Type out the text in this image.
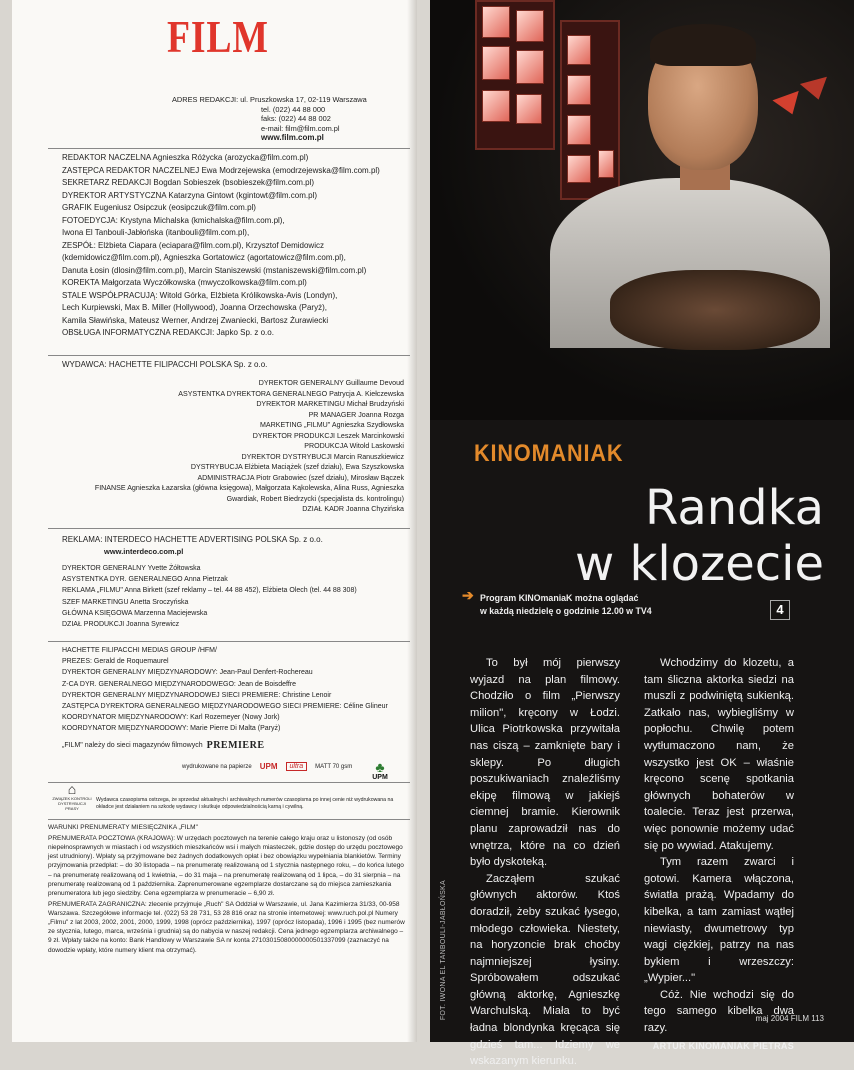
FILM
ADRES REDAKCJI: ul. Pruszkowska 17, 02-119 Warszawa
tel. (022) 44 88 000
faks: (022) 44 88 002
e-mail: film@film.com.pl
www.film.com.pl
REDAKTOR NACZELNA Agnieszka Różycka (arozycka@film.com.pl)
ZASTĘPCA REDAKTOR NACZELNEJ Ewa Modrzejewska (emodrzejewska@film.com.pl)
SEKRETARZ REDAKCJI Bogdan Sobieszek (bsobieszek@film.com.pl)
DYREKTOR ARTYSTYCZNA Katarzyna Gintowt (kgintowt@film.com.pl)
GRAFIK Eugeniusz Osipczuk (eosipczuk@film.com.pl)
FOTOEDYCJA: Krystyna Michalska (kmichalska@film.com.pl),
Iwona El Tanbouli-Jabłońska (itanbouli@film.com.pl),
ZESPÓŁ: Elżbieta Ciapara (eciapara@film.com.pl), Krzysztof Demidowicz
(kdemidowicz@film.com.pl), Agnieszka Gortatowicz (agortatowicz@film.com.pl),
Danuta Łosin (dlosin@film.com.pl), Marcin Staniszewski (mstaniszewski@film.com.pl)
KOREKTA Małgorzata Wyczółkowska (mwyczolkowska@film.com.pl)
STALE WSPÓŁPRACUJĄ: Witold Górka, Elżbieta Królikowska-Avis (Londyn),
Lech Kurpiewski, Max B. Miller (Hollywood), Joanna Orzechowska (Paryż),
Kamila Sławińska, Mateusz Werner, Andrzej Zwaniecki, Bartosz Żurawiecki
OBSŁUGA INFORMATYCZNA REDAKCJI: Japko Sp. z o.o.
WYDAWCA: HACHETTE FILIPACCHI POLSKA Sp. z o.o.
DYREKTOR GENERALNY Guillaume Devoud
ASYSTENTKA DYREKTORA GENERALNEGO Patrycja A. Kiełczewska
DYREKTOR MARKETINGU Michał Brudzyński
PR MANAGER Joanna Rozga
MARKETING „FILMU" Agnieszka Szydłowska
DYREKTOR PRODUKCJI Leszek Marcinkowski
PRODUKCJA Witold Laskowski
DYREKTOR DYSTRYBUCJI Marcin Ranuszkiewicz
DYSTRYBUCJA Elżbieta Maciążek (szef działu), Ewa Szyszkowska
ADMINISTRACJA Piotr Grabowiec (szef działu), Mirosław Bączek
FINANSE Agnieszka Łazarska (główna księgowa), Małgorzata Kąkolewska, Alina Russ, Agnieszka
Gwardiak, Robert Biedrzycki (specjalista ds. kontrolingu)
DZIAŁ KADR Joanna Chyzińska
REKLAMA: INTERDECO HACHETTE ADVERTISING POLSKA Sp. z o.o.
www.interdeco.com.pl
DYREKTOR GENERALNY Yvette Żółtowska
ASYSTENTKA DYR. GENERALNEGO Anna Pietrzak
REKLAMA „FILMU" Anna Birkett (szef reklamy – tel. 44 88 452), Elżbieta Olech (tel. 44 88 308)
SZEF MARKETINGU Anetta Sroczyńska
GŁÓWNA KSIĘGOWA Marzenna Maciejewska
DZIAŁ PRODUKCJI Joanna Syrewicz
HACHETTE FILIPACCHI MEDIAS GROUP /HFM/
PREZES: Gerald de Roquemaurel
DYREKTOR GENERALNY MIĘDZYNARODOWY: Jean-Paul Denfert-Rochereau
Z-CA DYR. GENERALNEGO MIĘDZYNARODOWEGO: Jean de Boisdeffre
DYREKTOR GENERALNY MIĘDZYNARODOWEJ SIECI PREMIERE: Christine Lenoir
ZASTĘPCA DYREKTORA GENERALNEGO MIĘDZYNARODOWEGO SIECI PREMIERE: Céline Glineur
KOORDYNATOR MIĘDZYNARODOWY: Karl Rozemeyer (Nowy Jork)
KOORDYNATOR MIĘDZYNARODOWY: Marie Pierre Di Malta (Paryż)
„FILM" należy do sieci magazynów filmowych PREMIERE
wydrukowane na papierze UPM	ultra	MATT 70 gsm	♣
UPM
⌂
ZWIĄZEK KONTROLI DYSTRYBUCJI PRASY
Wydawca czasopisma ostrzega, że sprzedaż aktualnych i archiwalnych numerów czasopisma po innej cenie niż wydrukowana na okładce jest działaniem na szkodę wydawcy i skutkuje odpowiedzialnością karną i cywilną.

WARUNKI PRENUMERATY MIESIĘCZNIKA „FILM"

PRENUMERATA POCZTOWA (KRAJOWA): W urzędach pocztowych na terenie całego kraju oraz u listonoszy (od osób niepełnosprawnych w miastach i od wszystkich mieszkańców wsi i małych miasteczek, gdzie dostęp do urzędu pocztowego jest utrudniony). Wpłaty są przyjmowane bez żadnych dodatkowych opłat i bez obowiązku wypełniania blankietów. Terminy przyjmowania przedpłat: – do 30 listopada – na prenumeratę realizowaną od 1 stycznia następnego roku, – do końca lutego – na prenumeratę realizowaną od 1 kwietnia, – do 31 maja – na prenumeratę realizowaną od 1 lipca, – do 31 sierpnia – na prenumeratę realizowaną od 1 października. Zaprenumerowane egzemplarze dostarczane są do miejsca zamieszkania prenumeratora lub jego siedziby. Cena egzemplarza w prenumeracie – 6,90 zł.

PRENUMERATA ZAGRANICZNA: zlecenie przyjmuje „Ruch" SA Oddział w Warszawie, ul. Jana Kazimierza 31/33, 00-958 Warszawa. Szczegółowe informacje tel. (022) 53 28 731, 53 28 816 oraz na stronie internetowej: www.ruch.pol.pl Numery „Filmu" z lat 2003, 2002, 2001, 2000, 1999, 1998 (oprócz października), 1997 (oprócz listopada), 1996 i 1995 (bez numerów ze stycznia, lutego, marca, września i grudnia) są do nabycia w naszej redakcji. Cena jednego egzemplarza archiwalnego – 9 zł. Wpłaty także na konto: Bank Handlowy w Warszawie SA nr konta 27103015080000000501337099 (zaznaczyć na dowodzie wpłaty, które numery klient ma otrzymać).

KINOMANIAK
Randka
w klozecie
➔ Program KINOmaniaK można oglądać
w każdą niedzielę o godzinie 12.00 w TV4	4

To był mój pierwszy wyjazd na plan filmowy. Chodziło o film „Pierwszy milion", kręcony w Łodzi. Ulica Piotrkowska przywitała nas ciszą – zamknięte bary i sklepy. Po długich poszukiwaniach znaleźliśmy ekipę filmową w jakiejś ciemnej bramie. Kierownik planu zaprowadził nas do wnętrza, które na co dzień było dyskoteką.

Zacząłem szukać głównych aktorów. Ktoś doradził, żeby szukać łysego, młodego człowieka. Niestety, na horyzoncie brak choćby najmniejszej łysiny. Spróbowałem odszukać główną aktorkę, Agnieszkę Warchulską. Miała to być ładna blondynka kręcąca się gdzieś tam... Idziemy we wskazanym kierunku.

Wchodzimy do klozetu, a tam śliczna aktorka siedzi na muszli z podwiniętą sukienką. Zatkało nas, wybiegliśmy w popłochu. Chwilę potem wytłumaczono nam, że wszystko jest OK – właśnie kręcono scenę spotkania głównych bohaterów w toalecie. Teraz jest przerwa, więc ponownie możemy udać się po wywiad. Atakujemy.

Tym razem zwarci i gotowi. Kamera włączona, światła prażą. Wpadamy do kibelka, a tam zamiast wątłej niewiasty, dwumetrowy typ wagi ciężkiej, patrzy na nas bykiem i wrzeszczy: „Wypier..."

Cóż. Nie wchodzi się do tego samego kibelka dwa razy.

ARTUR KINOMANIAK PIETRAS
FOT. IWONA EL TANBOULI-JABŁOŃSKA	maj 2004 FILM 113
